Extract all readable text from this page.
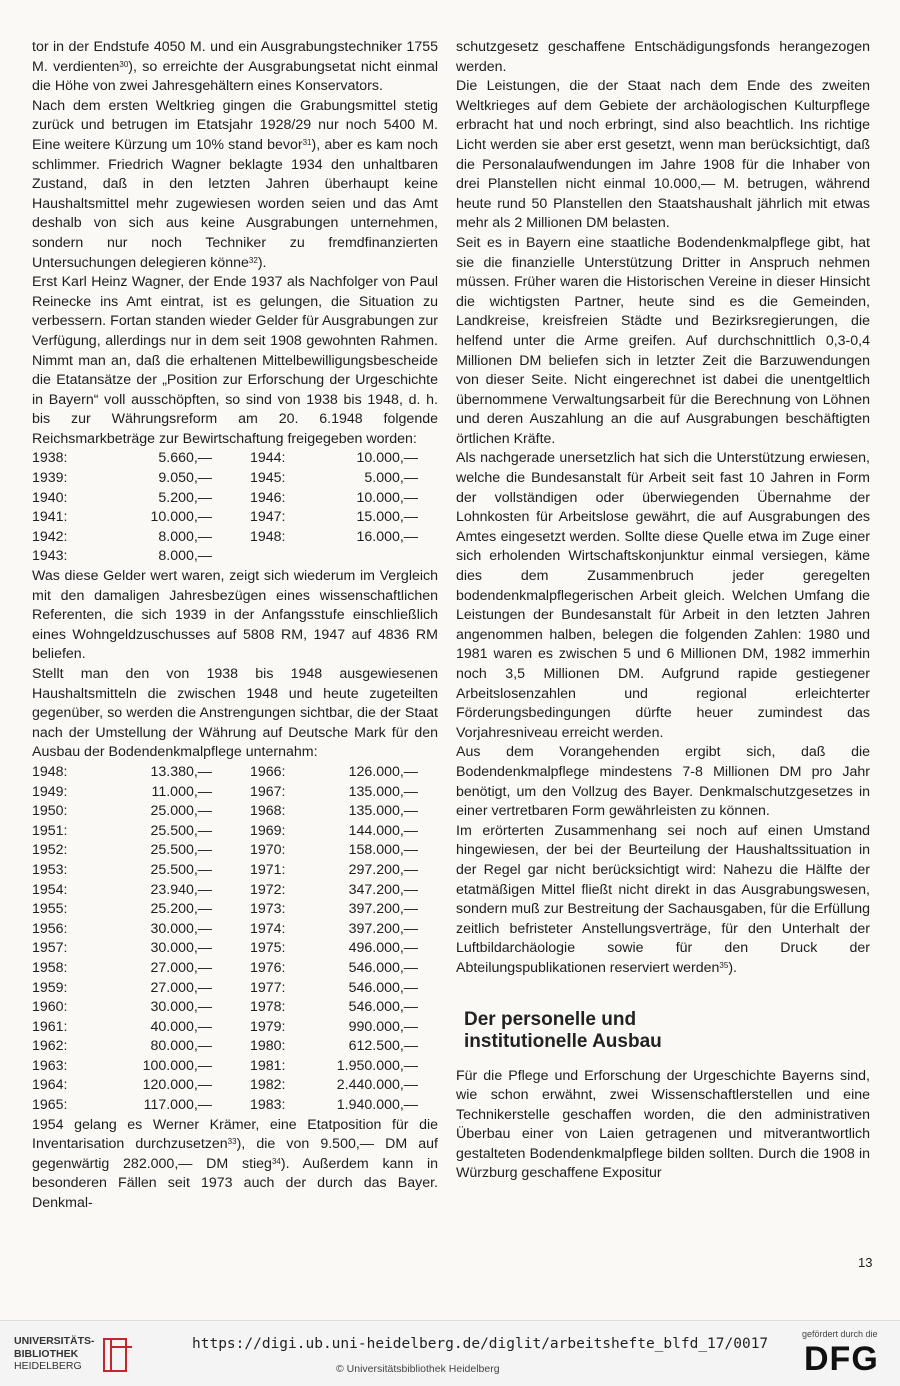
tor in der Endstufe 4050 M. und ein Ausgrabungstechniker 1755 M. verdienten$^{30}$), so erreichte der Ausgrabungsetat nicht einmal die Höhe von zwei Jahresgehältern eines Konservators.

Nach dem ersten Weltkrieg gingen die Grabungsmittel stetig zurück und betrugen im Etatsjahr 1928/29 nur noch 5400 M. Eine weitere Kürzung um 10% stand bevor$^{31}$), aber es kam noch schlimmer. Friedrich Wagner beklagte 1934 den unhaltbaren Zustand, daß in den letzten Jahren überhaupt keine Haushaltsmittel mehr zugewiesen worden seien und das Amt deshalb von sich aus keine Ausgrabungen unternehmen, sondern nur noch Techniker zu fremdfinanzierten Untersuchungen delegieren könne$^{32}$).

Erst Karl Heinz Wagner, der Ende 1937 als Nachfolger von Paul Reinecke ins Amt eintrat, ist es gelungen, die Situation zu verbessern. Fortan standen wieder Gelder für Ausgrabungen zur Verfügung, allerdings nur in dem seit 1908 gewohnten Rahmen. Nimmt man an, daß die erhaltenen Mittelbewilligungsbescheide die Etatansätze der „Position zur Erforschung der Urgeschichte in Bayern“ voll ausschöpften, so sind von 1938 bis 1948, d. h. bis zur Währungsreform am 20. 6.1948 folgende Reichsmarkbeträge zur Bewirtschaftung freigegeben worden:

1938:	5.660,—		1944:	10.000,—	
1939:	9.050,—		1945:	5.000,—	
1940:	5.200,—		1946:	10.000,—	
1941:	10.000,—		1947:	15.000,—	
1942:	8.000,—		1948:	16.000,—	
1943:	8.000,—				

Was diese Gelder wert waren, zeigt sich wiederum im Vergleich mit den damaligen Jahresbezügen eines wissenschaftlichen Referenten, die sich 1939 in der Anfangsstufe einschließlich eines Wohngeldzuschusses auf 5808 RM, 1947 auf 4836 RM beliefen.

Stellt man den von 1938 bis 1948 ausgewiesenen Haushaltsmitteln die zwischen 1948 und heute zugeteilten gegenüber, so werden die Anstrengungen sichtbar, die der Staat nach der Umstellung der Währung auf Deutsche Mark für den Ausbau der Bodendenkmalpflege unternahm:

1948:	13.380,—		1966:	126.000,—	
1949:	11.000,—		1967:	135.000,—	
1950:	25.000,—		1968:	135.000,—	
1951:	25.500,—		1969:	144.000,—	
1952:	25.500,—		1970:	158.000,—	
1953:	25.500,—		1971:	297.200,—	
1954:	23.940,—		1972:	347.200,—	
1955:	25.200,—		1973:	397.200,—	
1956:	30.000,—		1974:	397.200,—	
1957:	30.000,—		1975:	496.000,—	
1958:	27.000,—		1976:	546.000,—	
1959:	27.000,—		1977:	546.000,—	
1960:	30.000,—		1978:	546.000,—	
1961:	40.000,—		1979:	990.000,—	
1962:	80.000,—		1980:	612.500,—	
1963:	100.000,—		1981:	1.950.000,—	
1964:	120.000,—		1982:	2.440.000,—	
1965:	117.000,—		1983:	1.940.000,—	

1954 gelang es Werner Krämer, eine Etatposition für die Inventarisation durchzusetzen$^{33}$), die von 9.500,— DM auf gegenwärtig 282.000,— DM stieg$^{34}$). Außerdem kann in besonderen Fällen seit 1973 auch der durch das Bayer. Denkmal-

schutzgesetz geschaffene Entschädigungsfonds herangezogen werden.

Die Leistungen, die der Staat nach dem Ende des zweiten Weltkrieges auf dem Gebiete der archäologischen Kulturpflege erbracht hat und noch erbringt, sind also beachtlich. Ins richtige Licht werden sie aber erst gesetzt, wenn man berücksichtigt, daß die Personalaufwendungen im Jahre 1908 für die Inhaber von drei Planstellen nicht einmal 10.000,— M. betrugen, während heute rund 50 Planstellen den Staatshaushalt jährlich mit etwas mehr als 2 Millionen DM belasten.

Seit es in Bayern eine staatliche Bodendenkmalpflege gibt, hat sie die finanzielle Unterstützung Dritter in Anspruch nehmen müssen. Früher waren die Historischen Vereine in dieser Hinsicht die wichtigsten Partner, heute sind es die Gemeinden, Landkreise, kreisfreien Städte und Bezirksregierungen, die helfend unter die Arme greifen. Auf durchschnittlich 0,3-0,4 Millionen DM beliefen sich in letzter Zeit die Barzuwendungen von dieser Seite. Nicht eingerechnet ist dabei die unentgeltlich übernommene Verwaltungsarbeit für die Berechnung von Löhnen und deren Auszahlung an die auf Ausgrabungen beschäftigten örtlichen Kräfte.

Als nachgerade unersetzlich hat sich die Unterstützung erwiesen, welche die Bundesanstalt für Arbeit seit fast 10 Jahren in Form der vollständigen oder überwiegenden Übernahme der Lohnkosten für Arbeitslose gewährt, die auf Ausgrabungen des Amtes eingesetzt werden. Sollte diese Quelle etwa im Zuge einer sich erholenden Wirtschaftskonjunktur einmal versiegen, käme dies dem Zusammenbruch jeder geregelten bodendenkmalpflegerischen Arbeit gleich. Welchen Umfang die Leistungen der Bundesanstalt für Arbeit in den letzten Jahren angenommen halben, belegen die folgenden Zahlen: 1980 und 1981 waren es zwischen 5 und 6 Millionen DM, 1982 immerhin noch 3,5 Millionen DM. Aufgrund rapide gestiegener Arbeitslosenzahlen und regional erleichterter Förderungsbedingungen dürfte heuer zumindest das Vorjahresniveau erreicht werden.

Aus dem Vorangehenden ergibt sich, daß die Bodendenkmalpflege mindestens 7-8 Millionen DM pro Jahr benötigt, um den Vollzug des Bayer. Denkmalschutzgesetzes in einer vertretbaren Form gewährleisten zu können.

Im erörterten Zusammenhang sei noch auf einen Umstand hingewiesen, der bei der Beurteilung der Haushaltssituation in der Regel gar nicht berücksichtigt wird: Nahezu die Hälfte der etatmäßigen Mittel fließt nicht direkt in das Ausgrabungswesen, sondern muß zur Bestreitung der Sachausgaben, für die Erfüllung zeitlich befristeter Anstellungsverträge, für den Unterhalt der Luftbildarchäologie sowie für den Druck der Abteilungspublikationen reserviert werden$^{35}$).

Der personelle und
institutionelle Ausbau

Für die Pflege und Erforschung der Urgeschichte Bayerns sind, wie schon erwähnt, zwei Wissenschaftlerstellen und eine Technikerstelle geschaffen worden, die den administrativen Überbau einer von Laien getragenen und mitverantwortlich gestalteten Bodendenkmalpflege bilden sollten. Durch die 1908 in Würzburg geschaffene Expositur

13
UNIVERSITÄTS-
BIBLIOTHEK
HEIDELBERG
https://digi.ub.uni-heidelberg.de/diglit/arbeitshefte_blfd_17/0017
© Universitätsbibliothek Heidelberg
gefördert durch die
DFG
